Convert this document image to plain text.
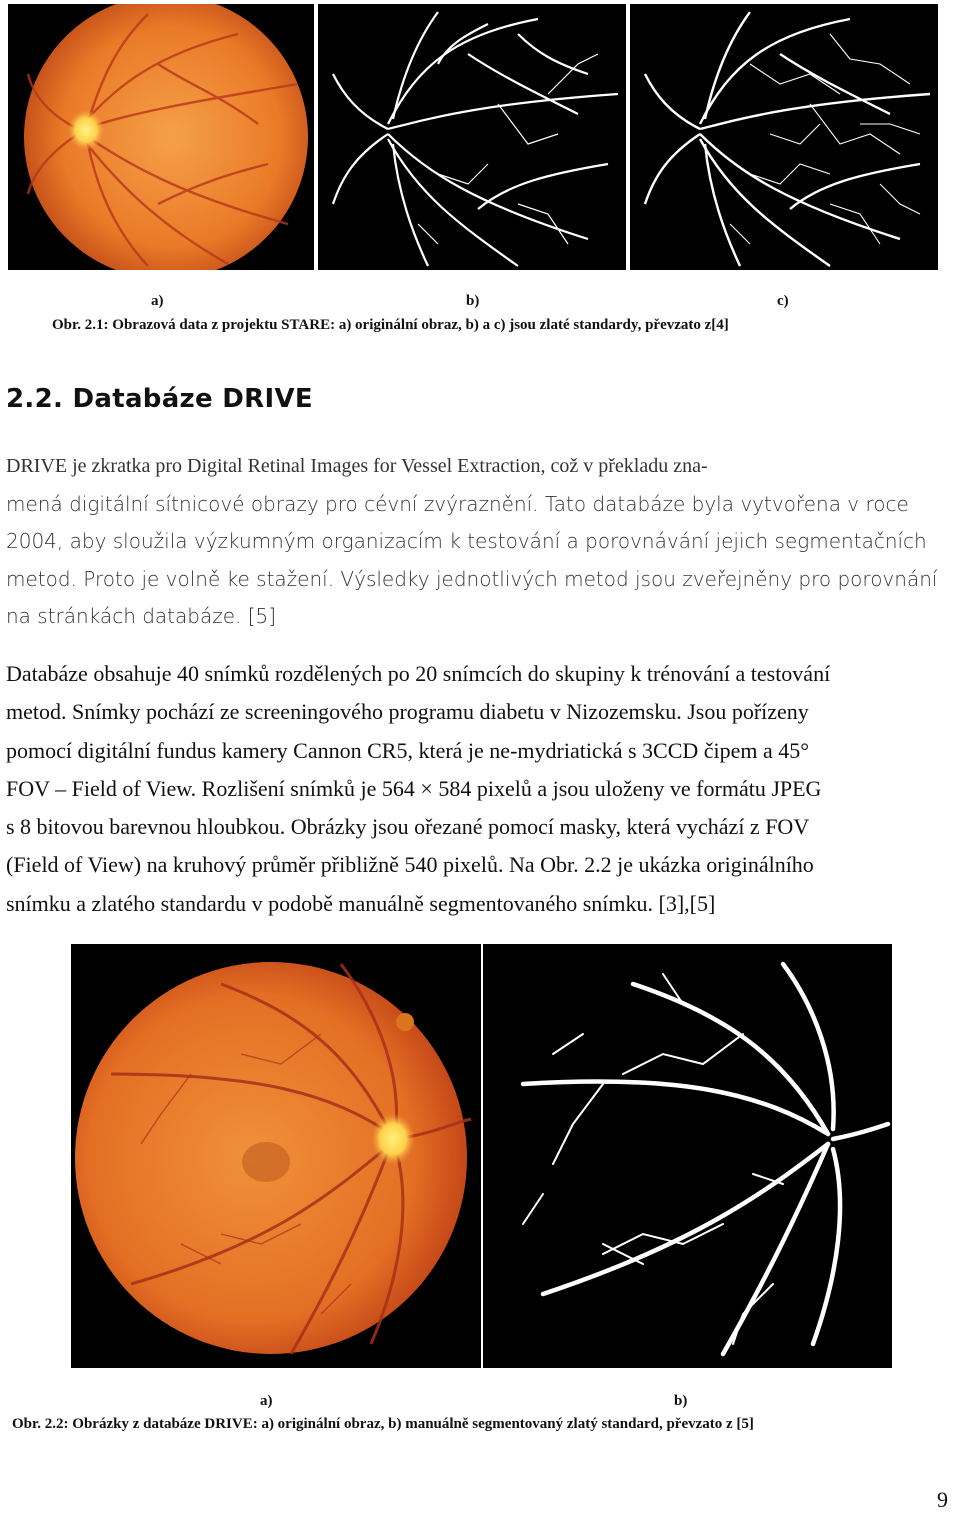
a)	b)	c)
Obr. 2.1: Obrazová data z projektu STARE: a) originální obraz, b) a c) jsou zlaté standardy, převzato z[4]
2.2. Databáze DRIVE
DRIVE je zkratka pro Digital Retinal Images for Vessel Extraction, což v překladu zna-
mená digitální sítnicové obrazy pro cévní zvýraznění. Tato databáze byla vytvořena v roce
2004, aby sloužila výzkumným organizacím k testování a porovnávání jejich segmentačních
metod. Proto je volně ke stažení. Výsledky jednotlivých metod jsou zveřejněny pro porovnání
na stránkách databáze. [5]
Databáze obsahuje 40 snímků rozdělených po 20 snímcích do skupiny k trénování a testování
metod. Snímky pochází ze screeningového programu diabetu v Nizozemsku. Jsou pořízeny
pomocí digitální fundus kamery Cannon CR5, která je ne-mydriatická s 3CCD čipem a 45°
FOV – Field of View. Rozlišení snímků je 564 × 584 pixelů a jsou uloženy ve formátu JPEG
s 8 bitovou barevnou hloubkou. Obrázky jsou ořezané pomocí masky, která vychází z FOV
(Field of View) na kruhový průměr přibližně 540 pixelů. Na Obr. 2.2 je ukázka originálního
snímku a zlatého standardu v podobě manuálně segmentovaného snímku. [3],[5]
a)	b)
Obr. 2.2: Obrázky z databáze DRIVE: a) originální obraz, b) manuálně segmentovaný zlatý standard, převzato z [5]
9
